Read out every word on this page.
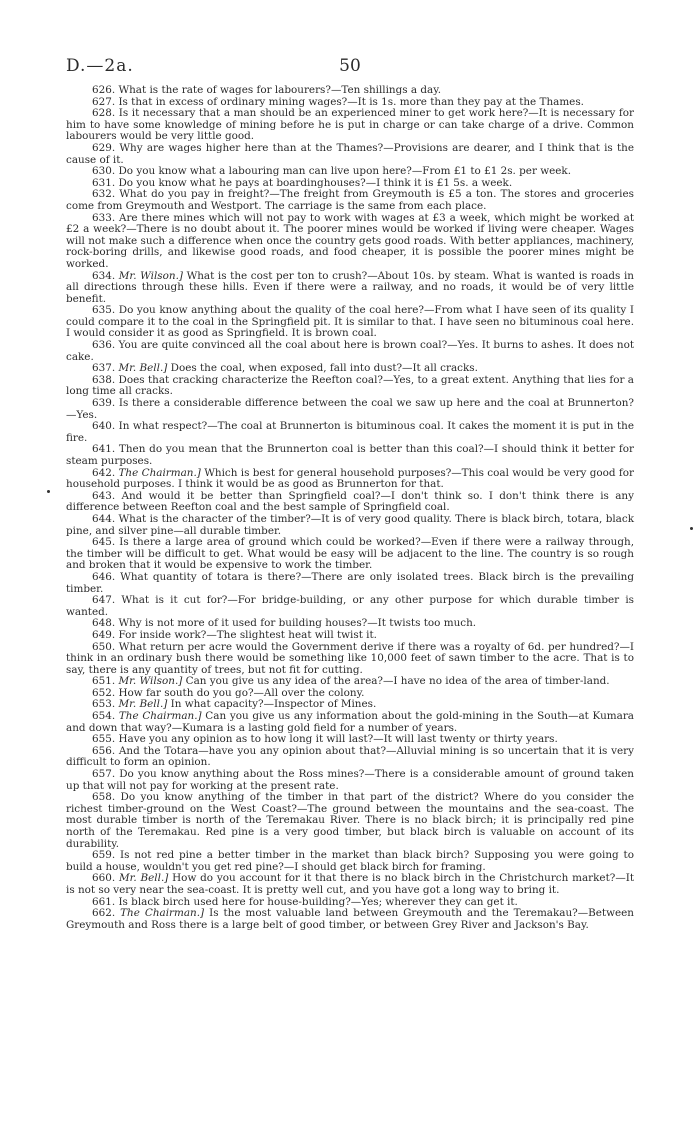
D.—2a.	50

626. What is the rate of wages for labourers?—Ten shillings a day.

627. Is that in excess of ordinary mining wages?—It is 1s. more than they pay at the Thames.

628. Is it necessary that a man should be an experienced miner to get work here?—It is necessary for him to have some knowledge of mining before he is put in charge or can take charge of a drive. Common labourers would be very little good.

629. Why are wages higher here than at the Thames?—Provisions are dearer, and I think that is the cause of it.

630. Do you know what a labouring man can live upon here?—From £1 to £1 2s. per week.

631. Do you know what he pays at boardinghouses?—I think it is £1 5s. a week.

632. What do you pay in freight?—The freight from Greymouth is £5 a ton. The stores and groceries come from Greymouth and Westport. The carriage is the same from each place.

633. Are there mines which will not pay to work with wages at £3 a week, which might be worked at £2 a week?—There is no doubt about it. The poorer mines would be worked if living were cheaper. Wages will not make such a difference when once the country gets good roads. With better appliances, machinery, rock-boring drills, and likewise good roads, and food cheaper, it is possible the poorer mines might be worked.

634. Mr. Wilson.] What is the cost per ton to crush?—About 10s. by steam. What is wanted is roads in all directions through these hills. Even if there were a railway, and no roads, it would be of very little benefit.

635. Do you know anything about the quality of the coal here?—From what I have seen of its quality I could compare it to the coal in the Springfield pit. It is similar to that. I have seen no bituminous coal here. I would consider it as good as Springfield. It is brown coal.

636. You are quite convinced all the coal about here is brown coal?—Yes. It burns to ashes. It does not cake.

637. Mr. Bell.] Does the coal, when exposed, fall into dust?—It all cracks.

638. Does that cracking characterize the Reefton coal?—Yes, to a great extent. Anything that lies for a long time all cracks.

639. Is there a considerable difference between the coal we saw up here and the coal at Brunnerton?—Yes.

640. In what respect?—The coal at Brunnerton is bituminous coal. It cakes the moment it is put in the fire.

641. Then do you mean that the Brunnerton coal is better than this coal?—I should think it better for steam purposes.

642. The Chairman.] Which is best for general household purposes?—This coal would be very good for household purposes. I think it would be as good as Brunnerton for that.

643. And would it be better than Springfield coal?—I don't think so. I don't think there is any difference between Reefton coal and the best sample of Springfield coal.

644. What is the character of the timber?—It is of very good quality. There is black birch, totara, black pine, and silver pine—all durable timber.

645. Is there a large area of ground which could be worked?—Even if there were a railway through, the timber will be difficult to get. What would be easy will be adjacent to the line. The country is so rough and broken that it would be expensive to work the timber.

646. What quantity of totara is there?—There are only isolated trees. Black birch is the prevailing timber.

647. What is it cut for?—For bridge-building, or any other purpose for which durable timber is wanted.

648. Why is not more of it used for building houses?—It twists too much.

649. For inside work?—The slightest heat will twist it.

650. What return per acre would the Government derive if there was a royalty of 6d. per hundred?—I think in an ordinary bush there would be something like 10,000 feet of sawn timber to the acre. That is to say, there is any quantity of trees, but not fit for cutting.

651. Mr. Wilson.] Can you give us any idea of the area?—I have no idea of the area of timber-land.

652. How far south do you go?—All over the colony.

653. Mr. Bell.] In what capacity?—Inspector of Mines.

654. The Chairman.] Can you give us any information about the gold-mining in the South—at Kumara and down that way?—Kumara is a lasting gold field for a number of years.

655. Have you any opinion as to how long it will last?—It will last twenty or thirty years.

656. And the Totara—have you any opinion about that?—Alluvial mining is so uncertain that it is very difficult to form an opinion.

657. Do you know anything about the Ross mines?—There is a considerable amount of ground taken up that will not pay for working at the present rate.

658. Do you know anything of the timber in that part of the district? Where do you consider the richest timber-ground on the West Coast?—The ground between the mountains and the sea-coast. The most durable timber is north of the Teremakau River. There is no black birch; it is principally red pine north of the Teremakau. Red pine is a very good timber, but black birch is valuable on account of its durability.

659. Is not red pine a better timber in the market than black birch? Supposing you were going to build a house, wouldn't you get red pine?—I should get black birch for framing.

660. Mr. Bell.] How do you account for it that there is no black birch in the Christchurch market?—It is not so very near the sea-coast. It is pretty well cut, and you have got a long way to bring it.

661. Is black birch used here for house-building?—Yes; wherever they can get it.

662. The Chairman.] Is the most valuable land between Greymouth and the Teremakau?—Between Greymouth and Ross there is a large belt of good timber, or between Grey River and Jackson's Bay.
